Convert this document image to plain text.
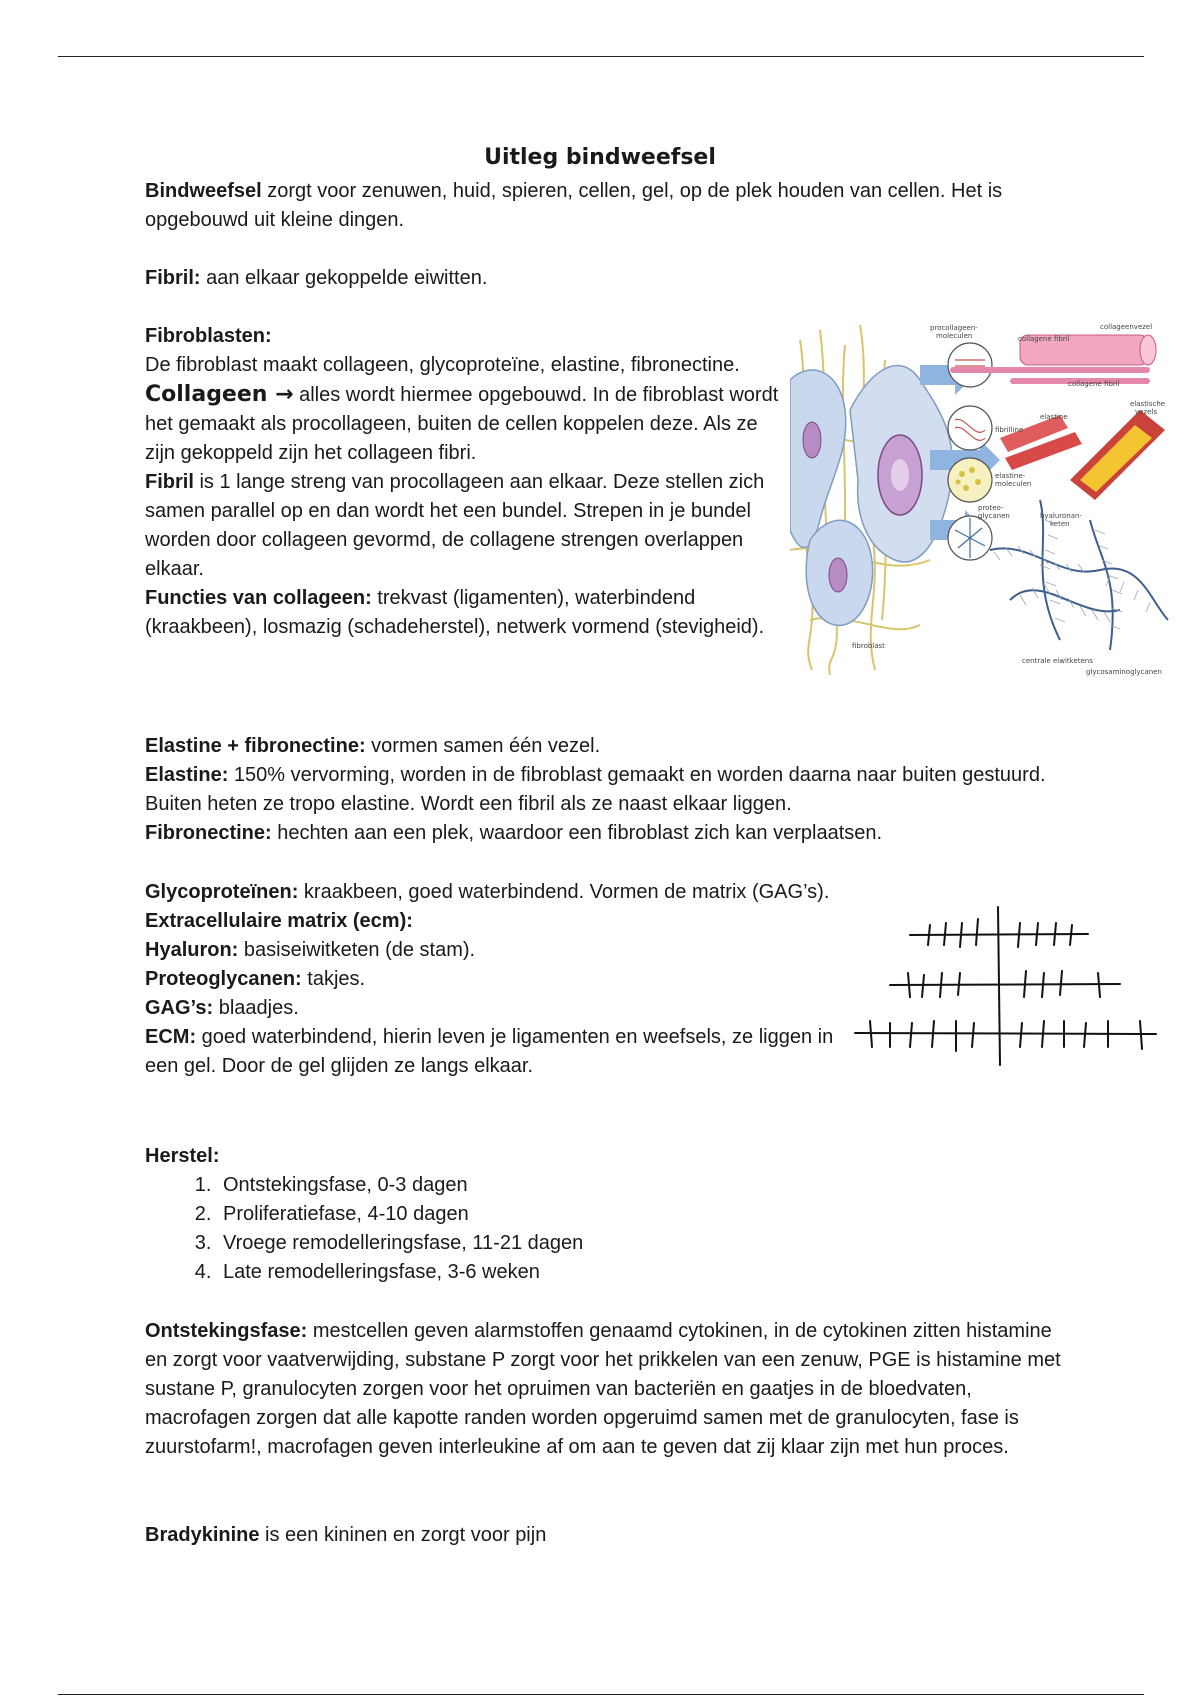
Uitleg bindweefsel

Bindweefsel zorgt voor zenuwen, huid, spieren, cellen, gel, op de plek houden van cellen. Het is opgebouwd uit kleine dingen.

Fibril: aan elkaar gekoppelde eiwitten.

Fibroblasten:
De fibroblast maakt collageen, glycoproteïne, elastine, fibronectine.
Collageen → alles wordt hiermee opgebouwd. In de fibroblast wordt het gemaakt als procollageen, buiten de cellen koppelen deze. Als ze zijn gekoppeld zijn het collageen fibri.
Fibril is 1 lange streng van procollageen aan elkaar. Deze stellen zich samen parallel op en dan wordt het een bundel. Strepen in je bundel worden door collageen gevormd, de collagene strengen overlappen elkaar.
Functies van collageen: trekvast (ligamenten), waterbindend (kraakbeen), losmazig (schadeherstel), netwerk vormend (stevigheid).
procollageen-
moleculen	collagene fibril
collageenvezel
collagene fibril
fibrilline
elastine
elastische
vezels
elastine-
moleculen
proteo-
glycanen	hyaluronan-
keten
fibroblast
centrale eiwitketens
glycosaminoglycanen
Elastine + fibronectine: vormen samen één vezel.
Elastine: 150% vervorming, worden in de fibroblast gemaakt en worden daarna naar buiten gestuurd. Buiten heten ze tropo elastine. Wordt een fibril als ze naast elkaar liggen.
Fibronectine: hechten aan een plek, waardoor een fibroblast zich kan verplaatsen.
Glycoproteïnen: kraakbeen, goed waterbindend. Vormen de matrix (GAG’s).
Extracellulaire matrix (ecm):
Hyaluron: basiseiwitketen (de stam).
Proteoglycanen: takjes.
GAG’s: blaadjes.
ECM: goed waterbindend, hierin leven je ligamenten en weefsels, ze liggen in een gel. Door de gel glijden ze langs elkaar.
Herstel:
1. Ontstekingsfase, 0-3 dagen
2. Proliferatiefase, 4-10 dagen
3. Vroege remodelleringsfase, 11-21 dagen
4. Late remodelleringsfase, 3-6 weken

Ontstekingsfase: mestcellen geven alarmstoffen genaamd cytokinen, in de cytokinen zitten histamine en zorgt voor vaatverwijding, substane P zorgt voor het prikkelen van een zenuw, PGE is histamine met sustane P, granulocyten zorgen voor het opruimen van bacteriën en gaatjes in de bloedvaten, macrofagen zorgen dat alle kapotte randen worden opgeruimd samen met de granulocyten, fase is zuurstofarm!, macrofagen geven interleukine af om aan te geven dat zij klaar zijn met hun proces.

Bradykinine is een kininen en zorgt voor pijn
